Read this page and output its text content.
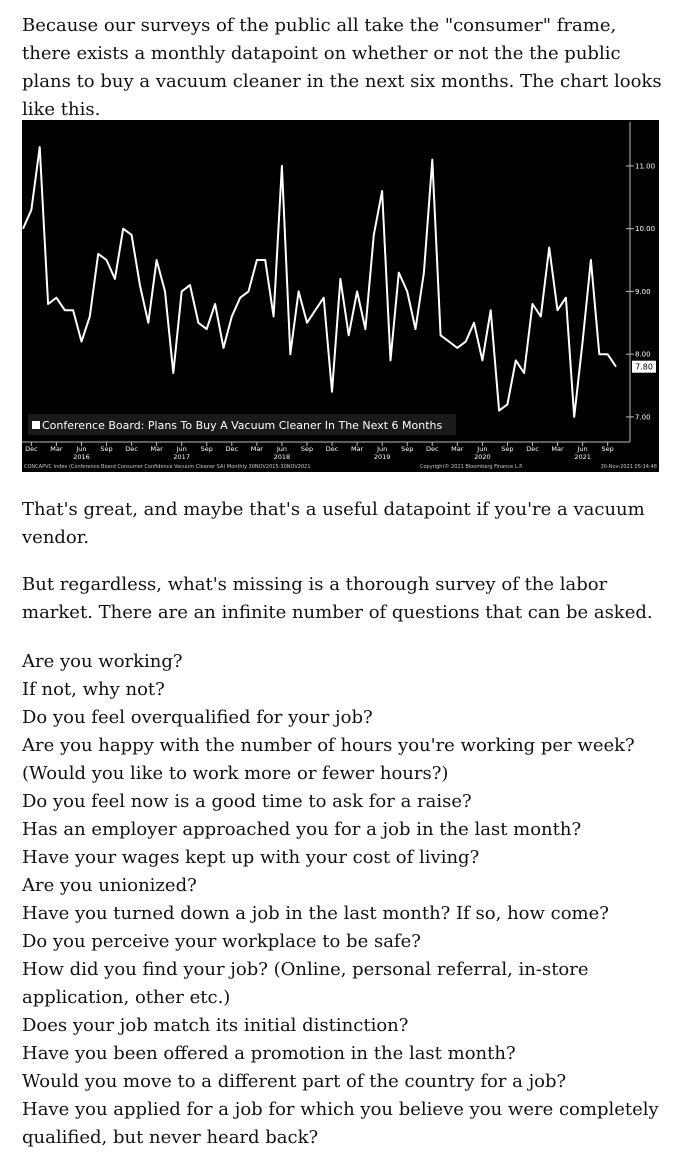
Because our surveys of the public all take the "consumer" frame, there exists a monthly datapoint on whether or not the the public plans to buy a vacuum cleaner in the next six months. The chart looks like this.

11.00
10.00
9.00
8.00
7.00
7.80
Conference Board: Plans To Buy A Vacuum Cleaner In The Next 6 Months
Dec Mar Jun Sep Dec Mar Jun Sep Dec Mar Jun Sep Dec Mar Jun Sep Dec Mar Jun Sep Dec Mar Jun Sep
2016	2017	2018	2019	2020	2021
CONCAPVC Index (Conference Board Consumer Confidence Vacuum Cleaner SA) Monthly 30NOV2015-30NOV2021	Copyright© 2021 Bloomberg Finance L.P.	30-Nov-2021 05:14:48

That's great, and maybe that's a useful datapoint if you're a vacuum vendor.

But regardless, what's missing is a thorough survey of the labor market. There are an infinite number of questions that can be asked.

Are you working?
If not, why not?
Do you feel overqualified for your job?
Are you happy with the number of hours you're working per week? (Would you like to work more or fewer hours?)
Do you feel now is a good time to ask for a raise?
Has an employer approached you for a job in the last month?
Have your wages kept up with your cost of living?
Are you unionized?
Have you turned down a job in the last month? If so, how come?
Do you perceive your workplace to be safe?
How did you find your job? (Online, personal referral, in-store application, other etc.)
Does your job match its initial distinction?
Have you been offered a promotion in the last month?
Would you move to a different part of the country for a job?
Have you applied for a job for which you believe you were completely qualified, but never heard back?
